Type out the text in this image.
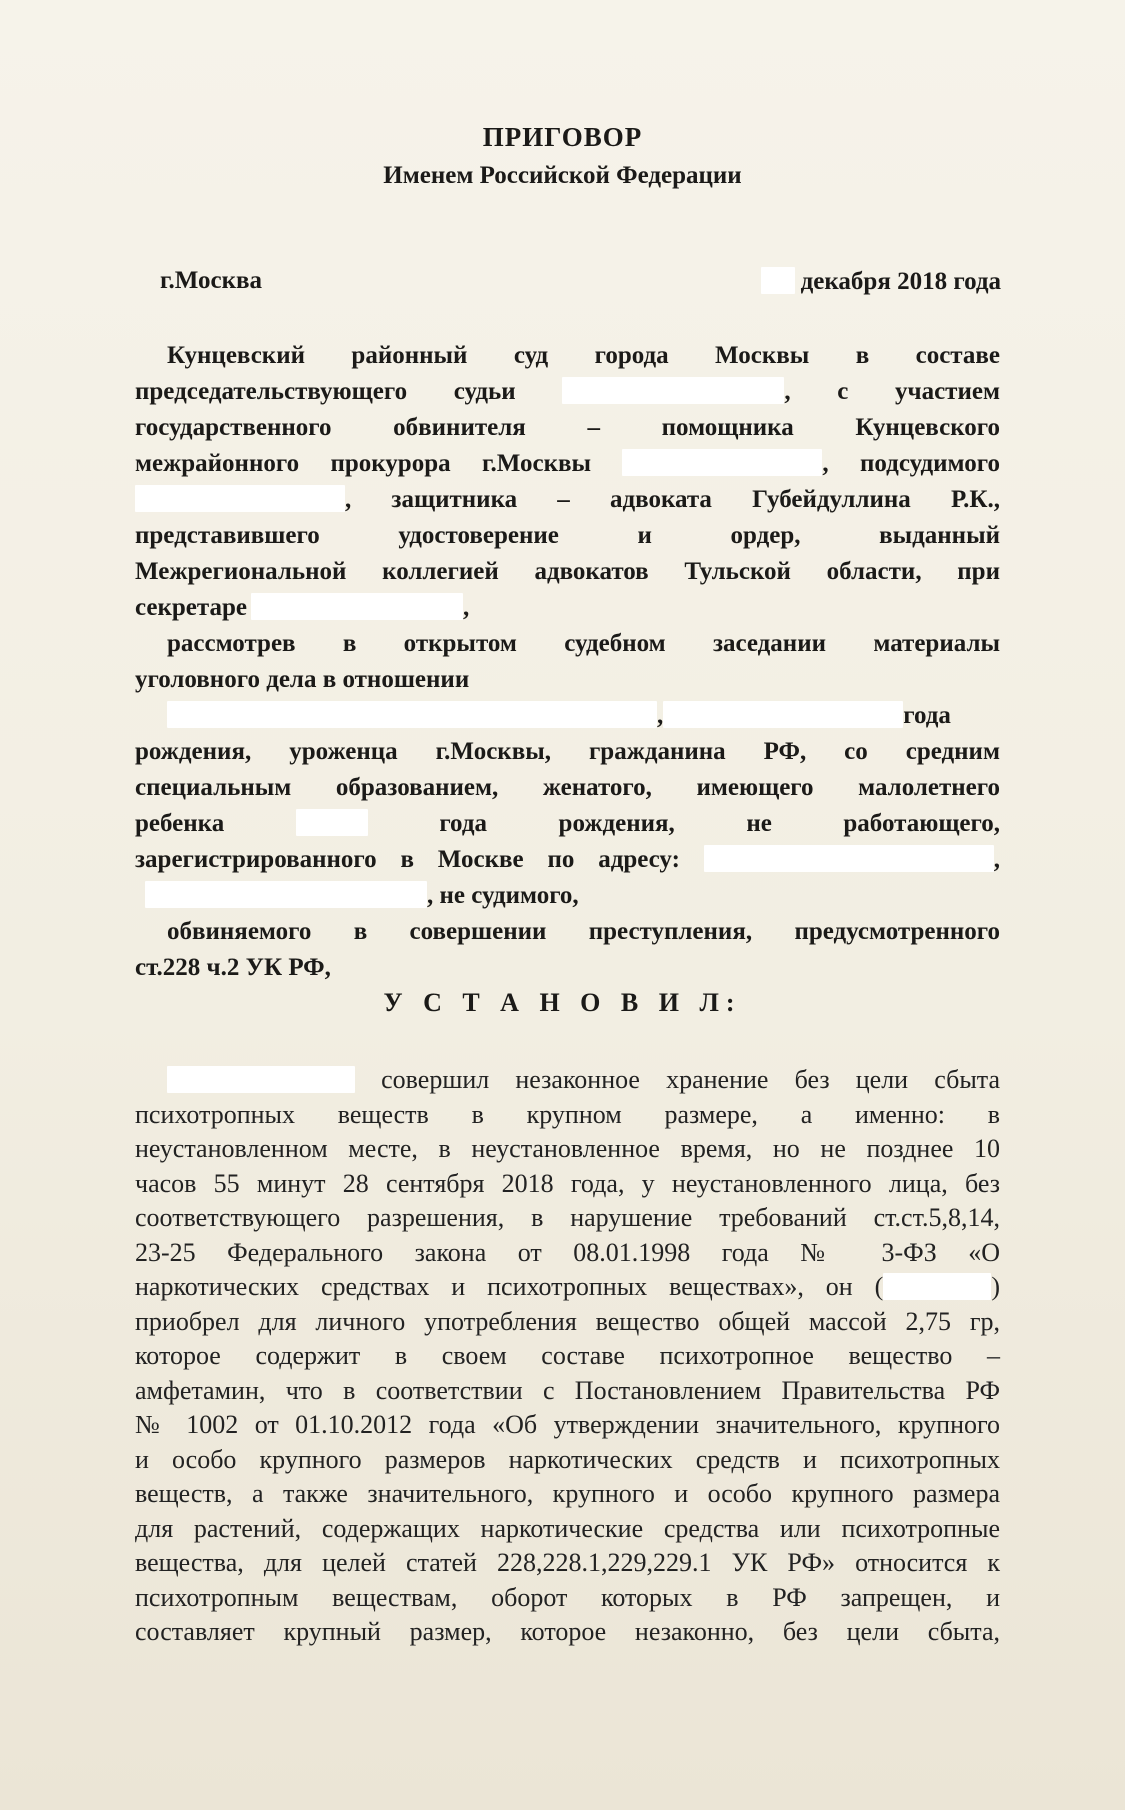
ПРИГОВОР
Именем Российской Федерации
г.Москва	декабря 2018 года
Кунцевский районный суд города Москвы в составе
председательствующего судьи	, с участием
государственного обвинителя – помощника Кунцевского
межрайонного прокурора г.Москвы	, подсудимого
, защитника – адвоката Губейдуллина Р.К.,
представившего удостоверение и ордер, выданный
Межрегиональной коллегией адвокатов Тульской области, при
секретаре	,
рассмотрев в открытом судебном заседании материалы
уголовного дела в отношении
,	года
рождения, уроженца г.Москвы, гражданина РФ, со средним
специальным образованием, женатого, имеющего малолетнего
ребенка	года рождения, не работающего,
зарегистрированного в Москве по адресу:	,
, не судимого,
обвиняемого в совершении преступления, предусмотренного
ст.228 ч.2 УК РФ,
У С Т А Н О В И Л:
совершил незаконное хранение без цели сбыта
психотропных веществ в крупном размере, а именно: в
неустановленном месте, в неустановленное время, но не позднее 10
часов 55 минут 28 сентября 2018 года, у неустановленного лица, без
соответствующего разрешения, в нарушение требований ст.ст.5,8,14,
23-25 Федерального закона от 08.01.1998 года № 3-ФЗ «О
наркотических средствах и психотропных веществах», он (	)
приобрел для личного употребления вещество общей массой 2,75 гр,
которое содержит в своем составе психотропное вещество –
амфетамин, что в соответствии с Постановлением Правительства РФ
№ 1002 от 01.10.2012 года «Об утверждении значительного, крупного
и особо крупного размеров наркотических средств и психотропных
веществ, а также значительного, крупного и особо крупного размера
для растений, содержащих наркотические средства или психотропные
вещества, для целей статей 228,228.1,229,229.1 УК РФ» относится к
психотропным веществам, оборот которых в РФ запрещен, и
составляет крупный размер, которое незаконно, без цели сбыта,
